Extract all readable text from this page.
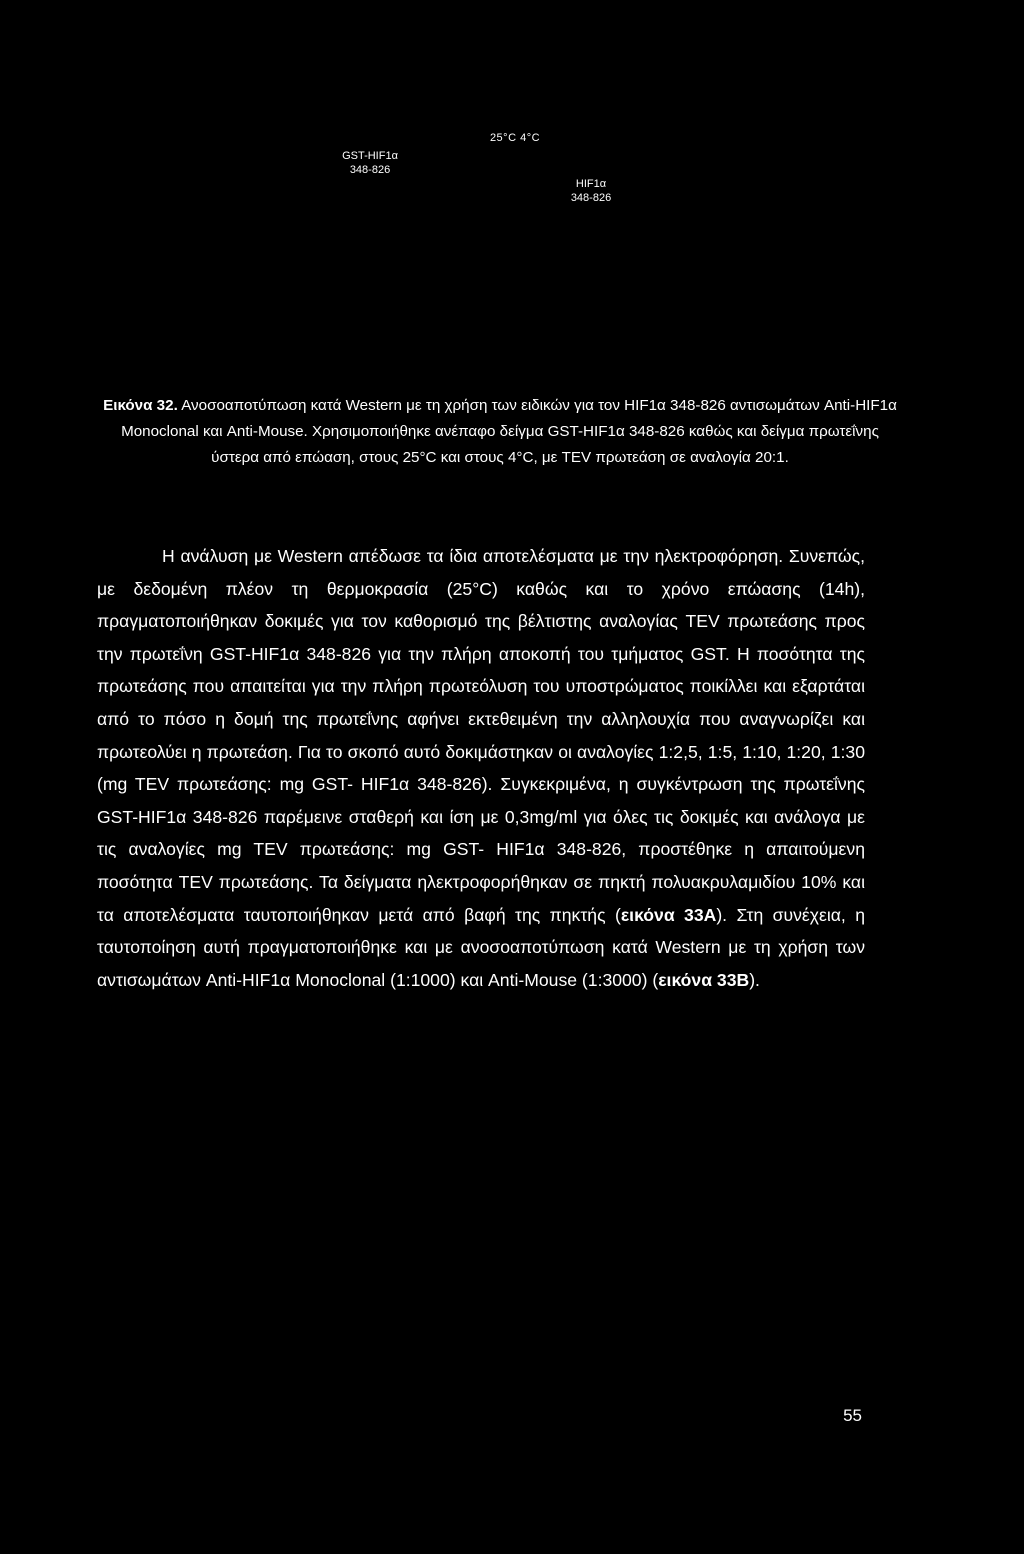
25°C 4°C
GST-HIF1α
348-826
HIF1α
348-826

Εικόνα 32. Ανοσοαποτύπωση κατά Western με τη χρήση των ειδικών για τον HIF1α 348-826 αντισωμάτων Anti-HIF1α Monoclonal και Anti-Mouse. Χρησιμοποιήθηκε ανέπαφο δείγμα GST-HIF1α 348-826 καθώς και δείγμα πρωτεΐνης ύστερα από επώαση, στους 25°C και στους 4°C, με TEV πρωτεάση σε αναλογία 20:1.

Η ανάλυση με Western απέδωσε τα ίδια αποτελέσματα με την ηλεκτροφόρηση. Συνεπώς, με δεδομένη πλέον τη θερμοκρασία (25°C) καθώς και το χρόνο επώασης (14h), πραγματοποιήθηκαν δοκιμές για τον καθορισμό της βέλτιστης αναλογίας TEV πρωτεάσης προς την πρωτεΐνη GST-HIF1α 348-826 για την πλήρη αποκοπή του τμήματος GST. Η ποσότητα της πρωτεάσης που απαιτείται για την πλήρη πρωτεόλυση του υποστρώματος ποικίλλει και εξαρτάται από το πόσο η δομή της πρωτεΐνης αφήνει εκτεθειμένη την αλληλουχία που αναγνωρίζει και πρωτεολύει η πρωτεάση. Για το σκοπό αυτό δοκιμάστηκαν οι αναλογίες 1:2,5, 1:5, 1:10, 1:20, 1:30 (mg TEV πρωτεάσης: mg GST- HIF1α 348-826). Συγκεκριμένα, η συγκέντρωση της πρωτεΐνης GST-HIF1α 348-826 παρέμεινε σταθερή και ίση με 0,3mg/ml για όλες τις δοκιμές και ανάλογα με τις αναλογίες mg TEV πρωτεάσης: mg GST- HIF1α 348-826, προστέθηκε η απαιτούμενη ποσότητα TEV πρωτεάσης. Τα δείγματα ηλεκτροφορήθηκαν σε πηκτή πολυακρυλαμιδίου 10% και τα αποτελέσματα ταυτοποιήθηκαν μετά από βαφή της πηκτής (εικόνα 33Α). Στη συνέχεια, η ταυτοποίηση αυτή πραγματοποιήθηκε και με ανοσοαποτύπωση κατά Western με τη χρήση των αντισωμάτων Anti-HIF1α Monoclonal (1:1000) και Anti-Mouse (1:3000) (εικόνα 33Β).

55
